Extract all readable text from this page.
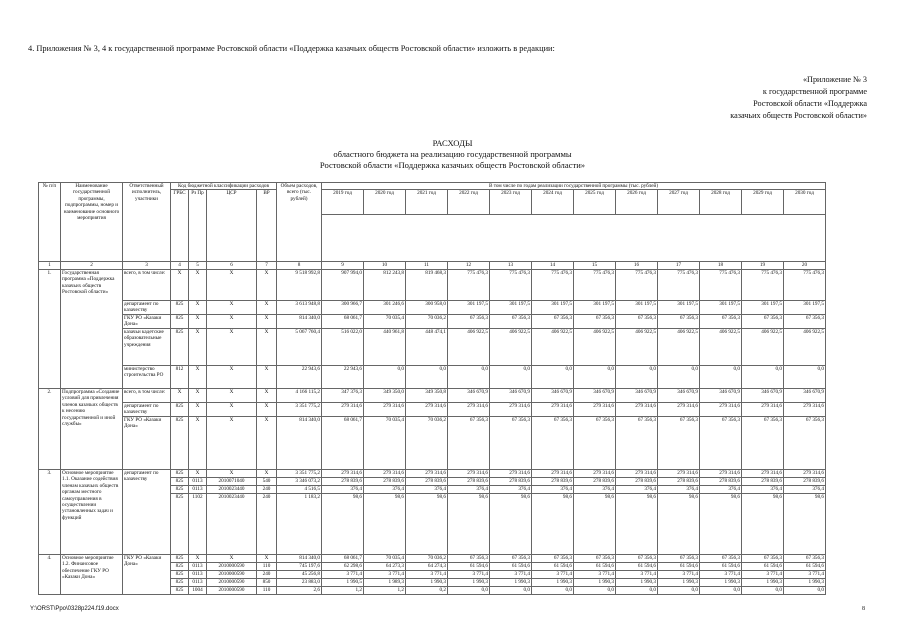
4. Приложения № 3, 4 к государственной программе Ростовской области «Поддержка казачьих обществ Ростовской области» изложить в редакции:
«Приложение № 3
к государственной программе
Ростовской области «Поддержка
казачьих обществ Ростовской области»
РАСХОДЫ
областного бюджета на реализацию государственной программы
Ростовской области «Поддержка казачьих обществ Ростовской области»
№ п/п	Наименование государственной программы, подпрограммы, номер и наименование основного мероприятия	Ответственный исполнитель, участники	Код бюджетной классификации расходов				Объем расходов, всего (тыс. рублей)	В том числе по годам реализации государственной программы (тыс. рублей)											
			ГРБС	Рз Пр	ЦСР	ВР		2019 год	2020 год	2021 год	2022 год	2023 год	2024 год	2025 год	2026 год	2027 год	2028 год	2029 год	2030 год

1	2	3	4	5	6	7	8	9	10	11	12	13	14	15	16	17	18	19	20
1.	Государственная программа «Поддержка казачьих обществ Ростовской области»	всего, в том числе:	X	X	X	X	9 518 992,8	907 994,0	812 243,8	819 468,3	775 476,3	775 476,3	775 476,3	775 476,3	775 476,3	775 476,3	775 476,3	775 476,3	775 476,3
		департамент по казачеству	825	X	X	X	3 613 948,8	300 966,7	301 246,6	300 958,0	301 197,5	301 197,5	301 197,5	301 197,5	301 197,5	301 197,5	301 197,5	301 197,5	301 197,5
		ГКУ РО «Казаки Дона»	825	X	X	X	814 340,0	68 061,7	70 035,4	70 036,2	67 356,3	67 356,3	67 356,3	67 356,3	67 356,3	67 356,3	67 356,3	67 356,3	67 356,3
		казачьи кадетские образовательные учреждения	825	X	X	X	5 067 760,4	516 022,0	440 961,8	448 474,1	406 922,5	406 922,5	406 922,5	406 922,5	406 922,5	406 922,5	406 922,5	406 922,5	406 922,5
		министерство строительства РО	812	X	X	X	22 943,6	22 943,6	0,0	0,0	0,0	0,0	0,0	0,0	0,0	0,0	0,0	0,0	0,0
2.	Подпрограмма «Создание условий для привлечения членов казачьих обществ к несению государственной и иной службы»	всего, в том числе:	X	X	X	X	4 166 115,2	347 376,3	349 350,0	349 350,8	346 670,9	346 670,9	346 670,9	346 670,9	346 670,9	346 670,9	346 670,9	346 670,9	346 670,9
		департамент по казачеству	825	X	X	X	3 351 775,2	279 314,6	279 314,6	279 314,6	279 314,6	279 314,6	279 314,6	279 314,6	279 314,6	279 314,6	279 314,6	279 314,6	279 314,6
		ГКУ РО «Казаки Дона»	825	X	X	X	814 340,0	68 061,7	70 035,4	70 036,2	67 356,3	67 356,3	67 356,3	67 356,3	67 356,3	67 356,3	67 356,3	67 356,3	67 356,3
3.	Основное мероприятие 1.1. Оказание содействия членам казачьих обществ органам местного самоуправления в осуществлении установленных задач и функций	департамент по казачеству	825	X	X	X	3 351 775,2	279 314,6	279 314,6	279 314,6	279 314,6	279 314,6	279 314,6	279 314,6	279 314,6	279 314,6	279 314,6	279 314,6	279 314,6
			825	0113	2010071040	540	3 346 073,2	278 839,6	278 839,6	278 839,6	278 839,6	278 839,6	278 839,6	278 839,6	278 839,6	278 839,6	278 839,6	278 839,6	278 839,6
			825	0113	2010023440	240	4 516,5	376,4	376,4	376,4	376,4	376,4	376,4	376,4	376,4	376,4	376,4	376,4	376,4
			825	1102	2010023440	240	1 183,2	98,6	98,6	98,6	98,6	98,6	98,6	98,6	98,6	98,6	98,6	98,6	98,6
4.	Основное мероприятие 1.2. Финансовое обеспечение ГКУ РО «Казаки Дона»	ГКУ РО «Казаки Дона»	825	X	X	X	814 340,0	68 061,7	70 035,4	70 036,2	67 356,3	67 356,3	67 356,3	67 356,3	67 356,3	67 356,3	67 356,3	67 356,3	67 356,3
			825	0113	2010000590	110	745 197,6	62 298,6	64 273,3	64 274,3	61 594,6	61 594,6	61 594,6	61 594,6	61 594,6	61 594,6	61 594,6	61 594,6	61 594,6
			825	0113	2010000590	240	45 256,8	3 771,4	3 771,4	3 771,4	3 771,4	3 771,4	3 771,4	3 771,4	3 771,4	3 771,4	3 771,4	3 771,4	3 771,4
			825	0113	2010000590	850	23 883,0	1 990,5	1 989,3	1 990,3	1 990,3	1 990,3	1 990,3	1 990,3	1 990,3	1 990,3	1 990,3	1 990,3	1 990,3
			825	1004	2010000590	110	2,6	1,2	1,2	0,2	0,0	0,0	0,0	0,0	0,0	0,0	0,0	0,0	0,0
Y:\ORST\Ppo\0328p224.f19.docx	8
